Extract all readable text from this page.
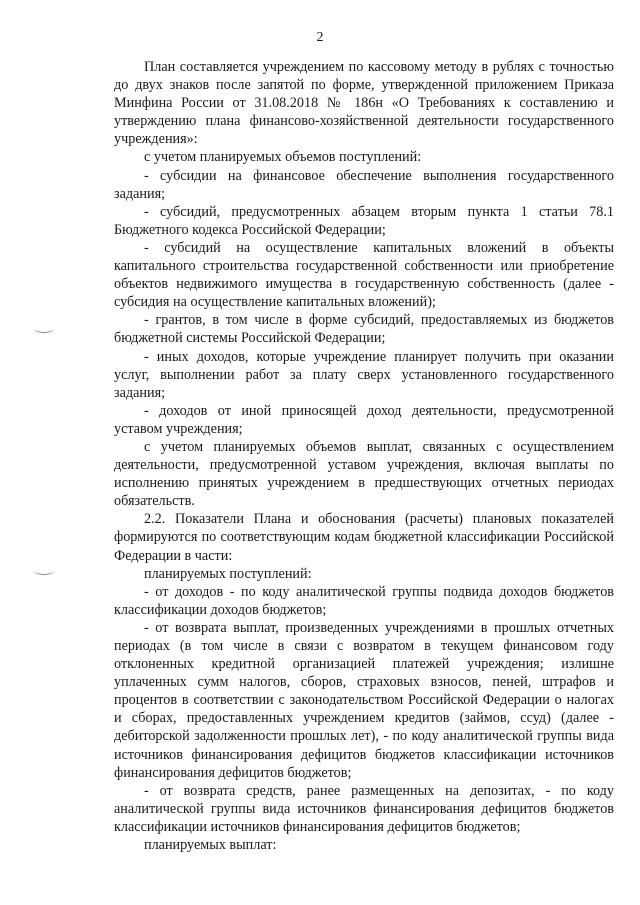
2

План составляется учреждением по кассовому методу в рублях с точностью до двух знаков после запятой по форме, утвержденной приложением Приказа Минфина России от 31.08.2018 № 186н «О Требованиях к составлению и утверждению плана финансово-хозяйственной деятельности государственного учреждения»:

с учетом планируемых объемов поступлений:

- субсидии на финансовое обеспечение выполнения государственного задания;

- субсидий, предусмотренных абзацем вторым пункта 1 статьи 78.1 Бюджетного кодекса Российской Федерации;

- субсидий на осуществление капитальных вложений в объекты капитального строительства государственной собственности или приобретение объектов недвижимого имущества в государственную собственность (далее - субсидия на осуществление капитальных вложений);

- грантов, в том числе в форме субсидий, предоставляемых из бюджетов бюджетной системы Российской Федерации;

- иных доходов, которые учреждение планирует получить при оказании услуг, выполнении работ за плату сверх установленного государственного задания;

- доходов от иной приносящей доход деятельности, предусмотренной уставом учреждения;

с учетом планируемых объемов выплат, связанных с осуществлением деятельности, предусмотренной уставом учреждения, включая выплаты по исполнению принятых учреждением в предшествующих отчетных периодах обязательств.

2.2. Показатели Плана и обоснования (расчеты) плановых показателей формируются по соответствующим кодам бюджетной классификации Российской Федерации в части:

планируемых поступлений:

- от доходов - по коду аналитической группы подвида доходов бюджетов классификации доходов бюджетов;

- от возврата выплат, произведенных учреждениями в прошлых отчетных периодах (в том числе в связи с возвратом в текущем финансовом году отклоненных кредитной организацией платежей учреждения; излишне уплаченных сумм налогов, сборов, страховых взносов, пеней, штрафов и процентов в соответствии с законодательством Российской Федерации о налогах и сборах, предоставленных учреждением кредитов (займов, ссуд) (далее - дебиторской задолженности прошлых лет), - по коду аналитической группы вида источников финансирования дефицитов бюджетов классификации источников финансирования дефицитов бюджетов;

- от возврата средств, ранее размещенных на депозитах, - по коду аналитической группы вида источников финансирования дефицитов бюджетов классификации источников финансирования дефицитов бюджетов;

планируемых выплат:
